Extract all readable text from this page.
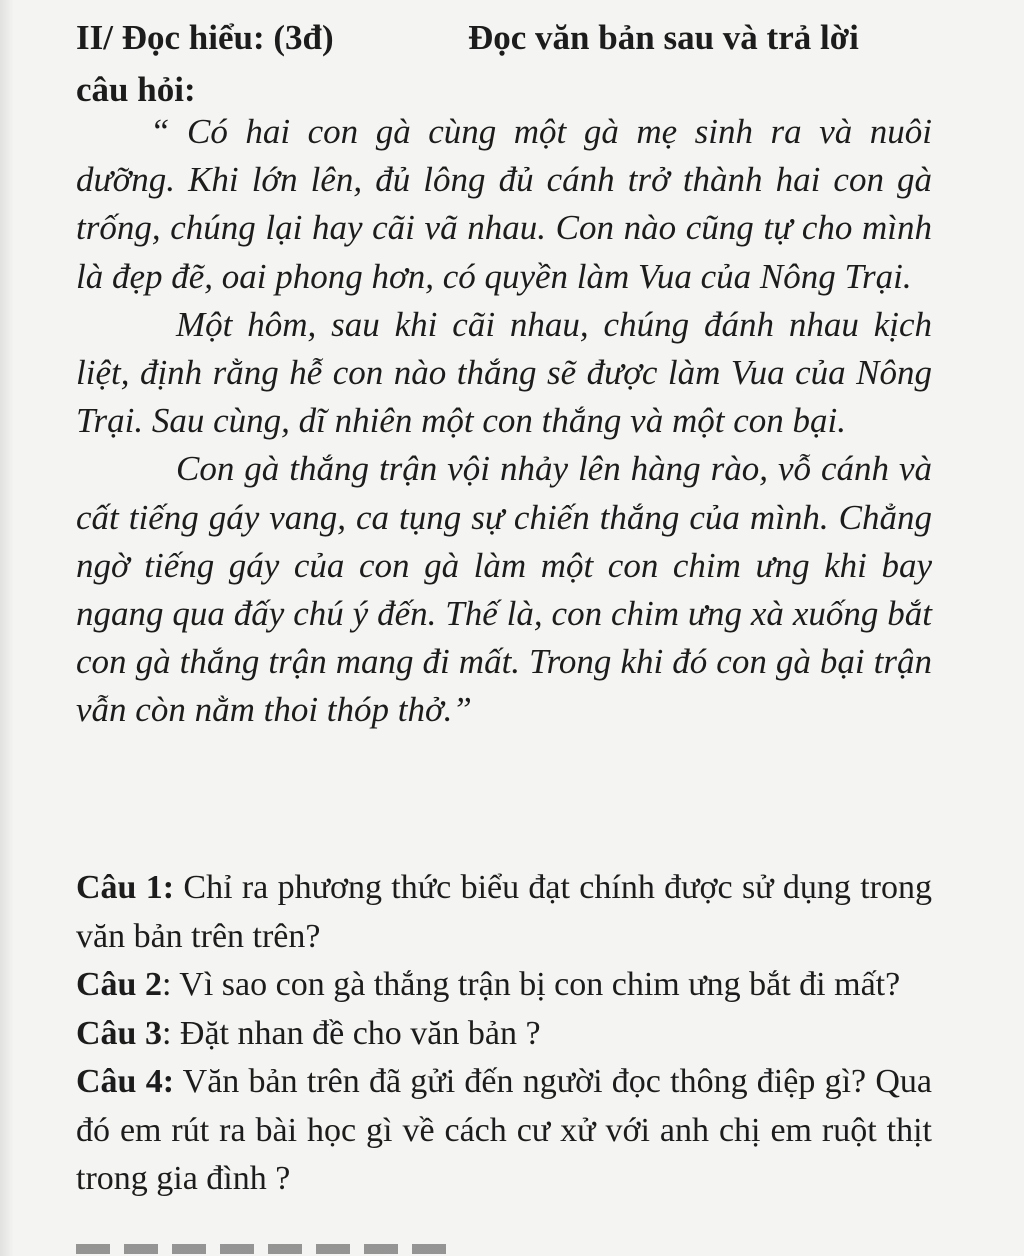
II/ Đọc hiểu: (3đ)	Đọc văn bản sau và trả lời
câu hỏi:

“ Có hai con gà cùng một gà mẹ sinh ra và nuôi dưỡng. Khi lớn lên, đủ lông đủ cánh trở thành hai con gà trống, chúng lại hay cãi vã nhau. Con nào cũng tự cho mình là đẹp đẽ, oai phong hơn, có quyền làm Vua của Nông Trại.

Một hôm, sau khi cãi nhau, chúng đánh nhau kịch liệt, định rằng hễ con nào thắng sẽ được làm Vua của Nông Trại. Sau cùng, dĩ nhiên một con thắng và một con bại.

Con gà thắng trận vội nhảy lên hàng rào, vỗ cánh và cất tiếng gáy vang, ca tụng sự chiến thắng của mình. Chẳng ngờ tiếng gáy của con gà làm một con chim ưng khi bay ngang qua đấy chú ý đến. Thế là, con chim ưng xà xuống bắt con gà thắng trận mang đi mất. Trong khi đó con gà bại trận vẫn còn nằm thoi thóp thở.”

Câu 1: Chỉ ra phương thức biểu đạt chính được sử dụng trong văn bản trên trên?

Câu 2: Vì sao con gà thắng trận bị con chim ưng bắt đi mất?

Câu 3: Đặt nhan đề cho văn bản ?

Câu 4: Văn bản trên đã gửi đến người đọc thông điệp gì? Qua đó em rút ra bài học gì về cách cư xử với anh chị em ruột thịt trong gia đình ?
